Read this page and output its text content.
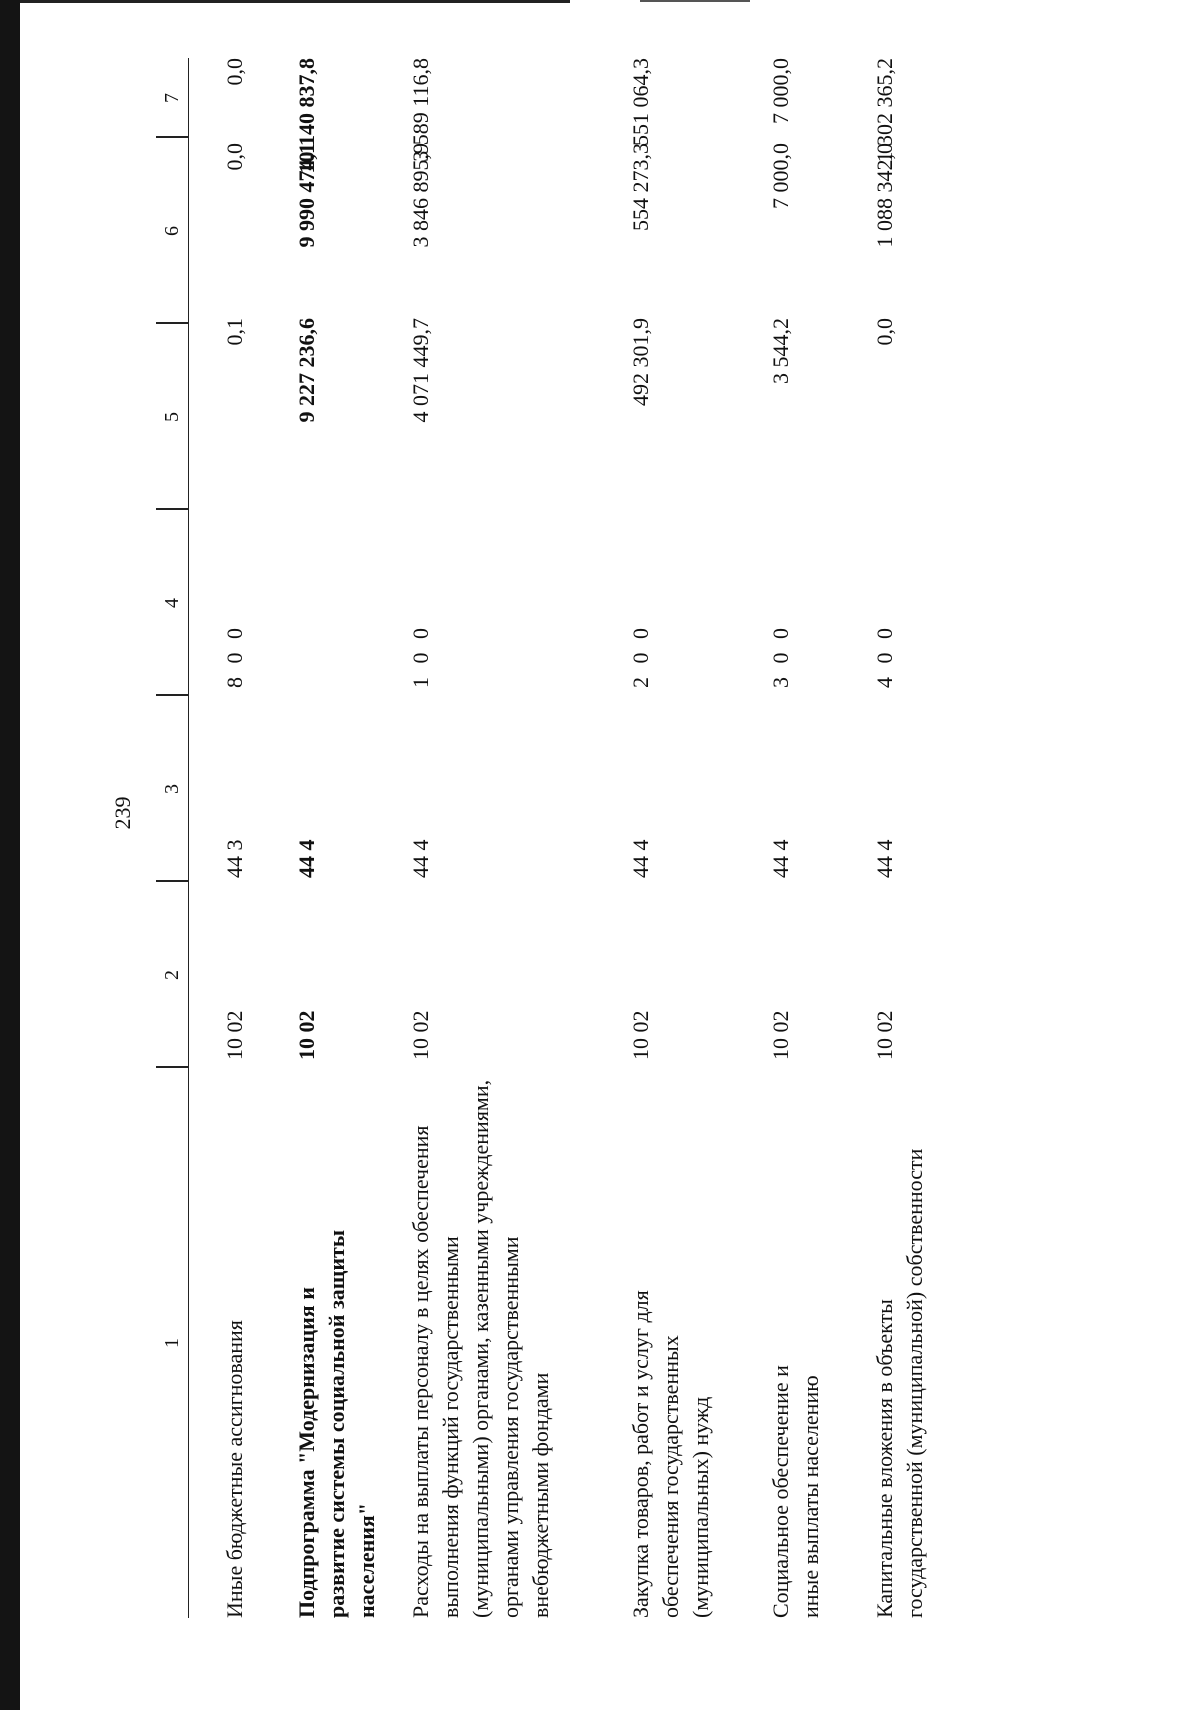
239
1
2
3
4
5
6
7
Иные бюджетные ассигнования
10 02
44 3
8 0 0
0,1
0,0
0,0
Подпрограмма "Модернизация и развитие системы социальной защиты населения"
10 02
44 4
9 227 236,6
9 990 474,1
10 140 837,8
Расходы на выплаты персоналу в целях обеспечения выполнения функций государственными (муниципальными) органами, казенными учреждениями, органами управления государственными внебюджетными фондами
10 02
44 4
1 0 0
4 071 449,7
3 846 895,9
3 589 116,8
Закупка товаров, работ и услуг для обеспечения государственных (муниципальных) нужд
10 02
44 4
2 0 0
492 301,9
554 273,3
551 064,3
Социальное обеспечение и иные выплаты населению
10 02
44 4
3 0 0
3 544,2
7 000,0
7 000,0
Капитальные вложения в объекты государственной (муниципальной) собственности
10 02
44 4
4 0 0
0,0
1 088 342,0
1 302 365,2
